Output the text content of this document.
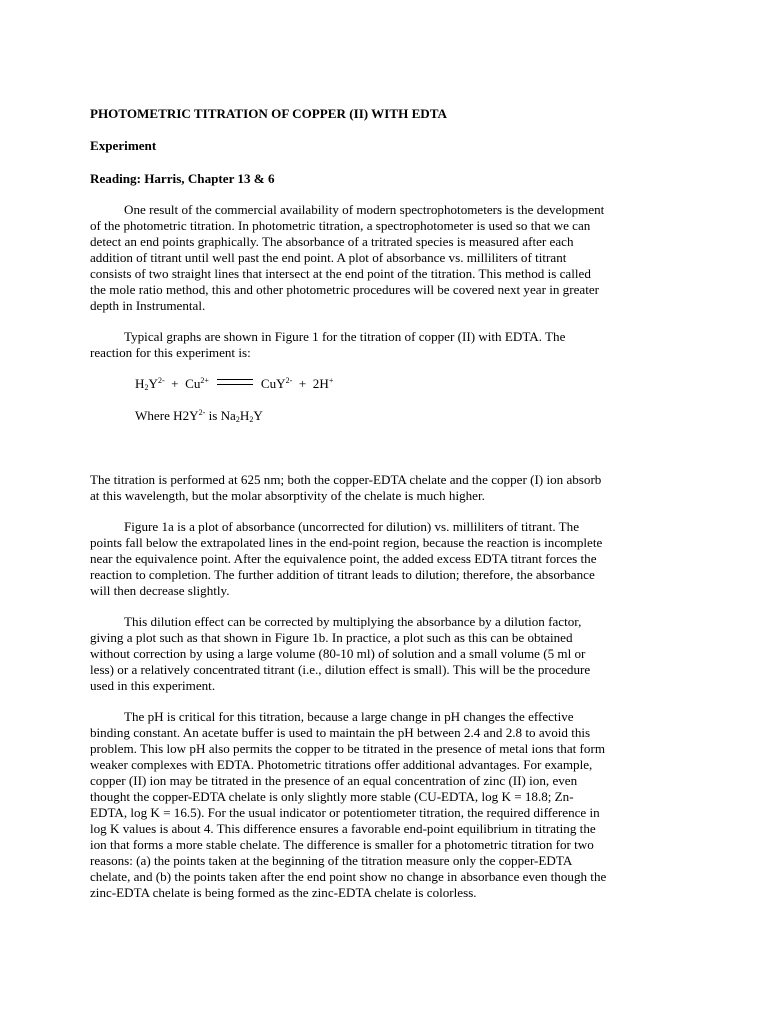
PHOTOMETRIC TITRATION OF COPPER (II) WITH EDTA
Experiment
Reading: Harris, Chapter 13 & 6
One result of the commercial availability of modern spectrophotometers is the development
of the photometric titration. In photometric titration, a spectrophotometer is used so that we can
detect an end points graphically. The absorbance of a tritrated species is measured after each
addition of titrant until well past the end point. A plot of absorbance vs. milliliters of titrant
consists of two straight lines that intersect at the end point of the titration. This method is called
the mole ratio method, this and other photometric procedures will be covered next year in greater
depth in Instrumental.
Typical graphs are shown in Figure 1 for the titration of copper (II) with EDTA. The
reaction for this experiment is:
$H_2Y^{2-} + Cu^{2+}$	CuY$^{2-}$ + 2H+
Where $H2Y^{2-}$ is $Na_2H_2Y$
The titration is performed at 625 nm; both the copper-EDTA chelate and the copper (I) ion absorb
at this wavelength, but the molar absorptivity of the chelate is much higher.
Figure 1a is a plot of absorbance (uncorrected for dilution) vs. milliliters of titrant. The
points fall below the extrapolated lines in the end-point region, because the reaction is incomplete
near the equivalence point. After the equivalence point, the added excess EDTA titrant forces the
reaction to completion. The further addition of titrant leads to dilution; therefore, the absorbance
will then decrease slightly.
This dilution effect can be corrected by multiplying the absorbance by a dilution factor,
giving a plot such as that shown in Figure 1b. In practice, a plot such as this can be obtained
without correction by using a large volume (80-10 ml) of solution and a small volume (5 ml or
less) or a relatively concentrated titrant (i.e., dilution effect is small). This will be the procedure
used in this experiment.
The pH is critical for this titration, because a large change in pH changes the effective
binding constant. An acetate buffer is used to maintain the pH between 2.4 and 2.8 to avoid this
problem. This low pH also permits the copper to be titrated in the presence of metal ions that form
weaker complexes with EDTA. Photometric titrations offer additional advantages. For example,
copper (II) ion may be titrated in the presence of an equal concentration of zinc (II) ion, even
thought the copper-EDTA chelate is only slightly more stable (CU-EDTA, log K = 18.8; Zn-
EDTA, log K = 16.5). For the usual indicator or potentiometer titration, the required difference in
log K values is about 4. This difference ensures a favorable end-point equilibrium in titrating the
ion that forms a more stable chelate. The difference is smaller for a photometric titration for two
reasons: (a) the points taken at the beginning of the titration measure only the copper-EDTA
chelate, and (b) the points taken after the end point show no change in absorbance even though the
zinc-EDTA chelate is being formed as the zinc-EDTA chelate is colorless.
